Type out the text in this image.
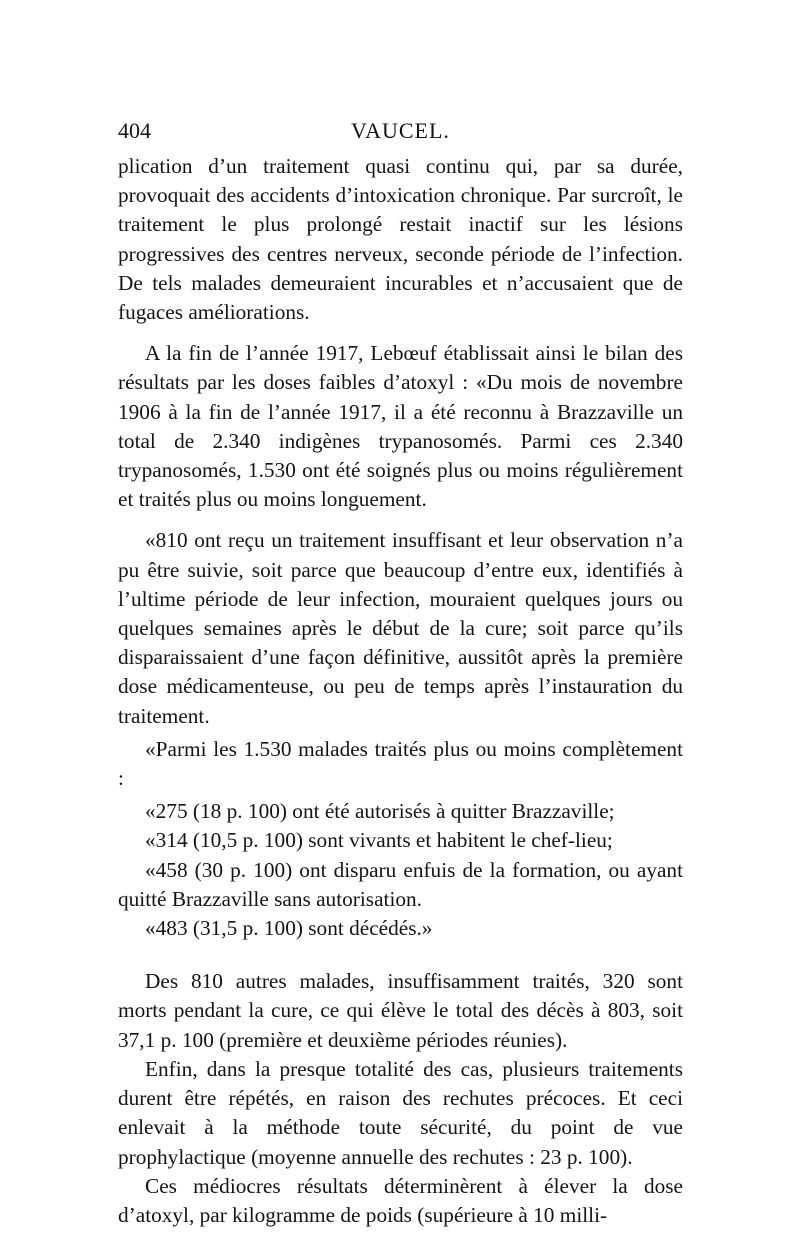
404	VAUCEL.

plication d’un traitement quasi continu qui, par sa durée, provoquait des accidents d’intoxication chronique. Par surcroît, le traitement le plus prolongé restait inactif sur les lésions progressives des centres nerveux, seconde période de l’infection. De tels malades demeuraient incurables et n’accusaient que de fugaces améliorations.

A la fin de l’année 1917, Lebœuf établissait ainsi le bilan des résultats par les doses faibles d’atoxyl : «Du mois de novembre 1906 à la fin de l’année 1917, il a été reconnu à Brazzaville un total de 2.340 indigènes trypanosomés. Parmi ces 2.340 trypanosomés, 1.530 ont été soignés plus ou moins régulièrement et traités plus ou moins longuement.

«810 ont reçu un traitement insuffisant et leur observation n’a pu être suivie, soit parce que beaucoup d’entre eux, identifiés à l’ultime période de leur infection, mouraient quelques jours ou quelques semaines après le début de la cure; soit parce qu’ils disparaissaient d’une façon définitive, aussitôt après la première dose médicamenteuse, ou peu de temps après l’instauration du traitement.

«Parmi les 1.530 malades traités plus ou moins complètement :

«275 (18 p. 100) ont été autorisés à quitter Brazzaville;

«314 (10,5 p. 100) sont vivants et habitent le chef-lieu;

«458 (30 p. 100) ont disparu enfuis de la formation, ou ayant quitté Brazzaville sans autorisation.

«483 (31,5 p. 100) sont décédés.»

Des 810 autres malades, insuffisamment traités, 320 sont morts pendant la cure, ce qui élève le total des décès à 803, soit 37,1 p. 100 (première et deuxième périodes réunies).

Enfin, dans la presque totalité des cas, plusieurs traitements durent être répétés, en raison des rechutes précoces. Et ceci enlevait à la méthode toute sécurité, du point de vue prophylactique (moyenne annuelle des rechutes : 23 p. 100).

Ces médiocres résultats déterminèrent à élever la dose d’atoxyl, par kilogramme de poids (supérieure à 10 milli-
